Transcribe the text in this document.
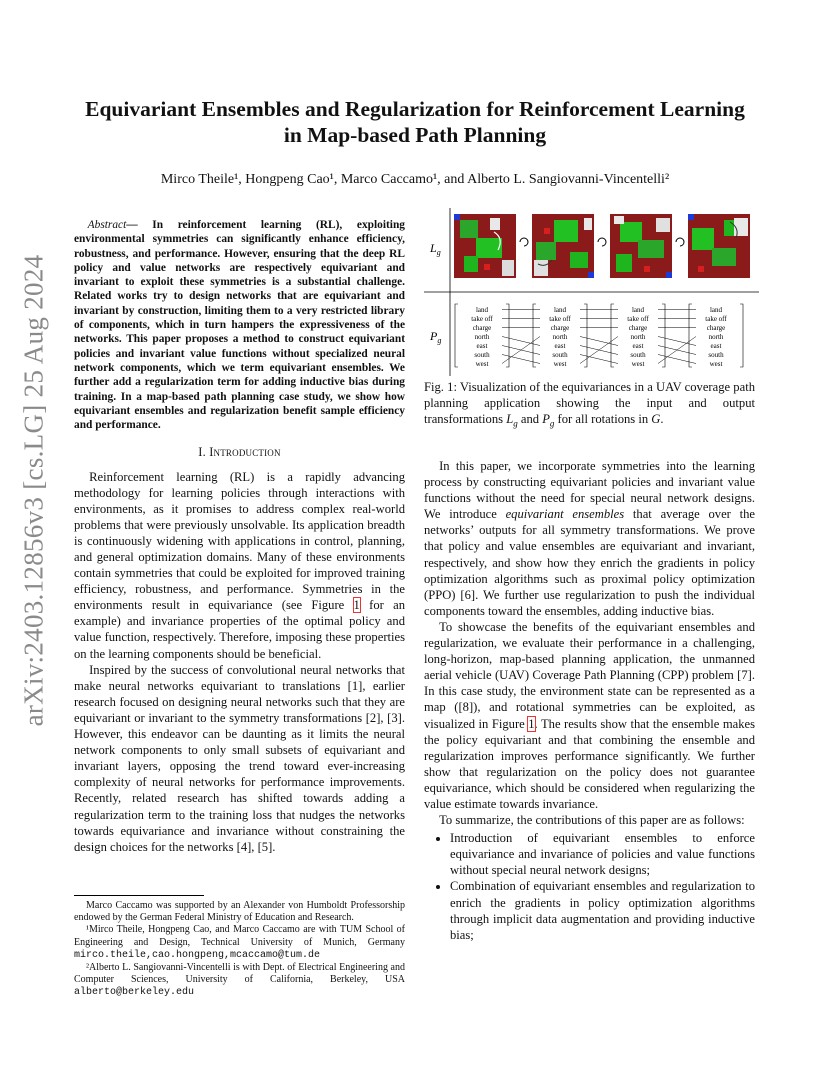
arXiv:2403.12856v3 [cs.LG] 25 Aug 2024
Equivariant Ensembles and Regularization for Reinforcement Learning
in Map-based Path Planning
Mirco Theile¹, Hongpeng Cao¹, Marco Caccamo¹, and Alberto L. Sangiovanni-Vincentelli²

Abstract— In reinforcement learning (RL), exploiting environmental symmetries can significantly enhance efficiency, robustness, and performance. However, ensuring that the deep RL policy and value networks are respectively equivariant and invariant to exploit these symmetries is a substantial challenge. Related works try to design networks that are equivariant and invariant by construction, limiting them to a very restricted library of components, which in turn hampers the expressiveness of the networks. This paper proposes a method to construct equivariant policies and invariant value functions without specialized neural network components, which we term equivariant ensembles. We further add a regularization term for adding inductive bias during training. In a map-based path planning case study, we show how equivariant ensembles and regularization benefit sample efficiency and performance.

I. Introduction

Reinforcement learning (RL) is a rapidly advancing methodology for learning policies through interactions with environments, as it promises to address complex real-world problems that were previously unsolvable. Its application breadth is continuously widening with applications in control, planning, and general optimization domains. Many of these environments contain symmetries that could be exploited for improved training efficiency, robustness, and performance. Symmetries in the environments result in equivariance (see Figure 1 for an example) and invariance properties of the optimal policy and value function, respectively. Therefore, imposing these properties on the learning components should be beneficial.

Inspired by the success of convolutional neural networks that make neural networks equivariant to translations [1], earlier research focused on designing neural networks such that they are equivariant or invariant to the symmetry transformations [2], [3]. However, this endeavor can be daunting as it limits the neural network components to only small subsets of equivariant and invariant layers, opposing the trend toward ever-increasing complexity of neural networks for performance improvements. Recently, related research has shifted towards adding a regularization term to the training loss that nudges the networks towards equivariance and invariance without constraining the design choices for the networks [4], [5].

Marco Caccamo was supported by an Alexander von Humboldt Professorship endowed by the German Federal Ministry of Education and Research.

¹Mirco Theile, Hongpeng Cao, and Marco Caccamo are with TUM School of Engineering and Design, Technical University of Munich, Germany mirco.theile,cao.hongpeng,mcaccamo@tum.de

²Alberto L. Sangiovanni-Vincentelli is with Dept. of Electrical Engineering and Computer Sciences, University of California, Berkeley, USA alberto@berkeley.edu

$L_g$
$P_g$
land
take off
charge
north
east
south
west
land
take off
charge
north
east
south
west
land
take off
charge
north
east
south
west
land
take off
charge
north
east
south
west
Fig. 1: Visualization of the equivariances in a UAV coverage path planning application showing the input and output transformations $L_g$ and $P_g$ for all rotations in G.

In this paper, we incorporate symmetries into the learning process by constructing equivariant policies and invariant value functions without the need for special neural network designs. We introduce equivariant ensembles that average over the networks’ outputs for all symmetry transformations. We prove that policy and value ensembles are equivariant and invariant, respectively, and show how they enrich the gradients in policy optimization algorithms such as proximal policy optimization (PPO) [6]. We further use regularization to push the individual components toward the ensembles, adding inductive bias.

To showcase the benefits of the equivariant ensembles and regularization, we evaluate their performance in a challenging, long-horizon, map-based planning application, the unmanned aerial vehicle (UAV) Coverage Path Planning (CPP) problem [7]. In this case study, the environment state can be represented as a map ([8]), and rotational symmetries can be exploited, as visualized in Figure 1. The results show that the ensemble makes the policy equivariant and that combining the ensemble and regularization improves performance significantly. We further show that regularization on the policy does not guarantee equivariance, which should be considered when regularizing the value estimate towards invariance.

To summarize, the contributions of this paper are as follows:

• Introduction of equivariant ensembles to enforce equivariance and invariance of policies and value functions without special neural network designs;
• Combination of equivariant ensembles and regularization to enrich the gradients in policy optimization algorithms through implicit data augmentation and providing inductive bias;
